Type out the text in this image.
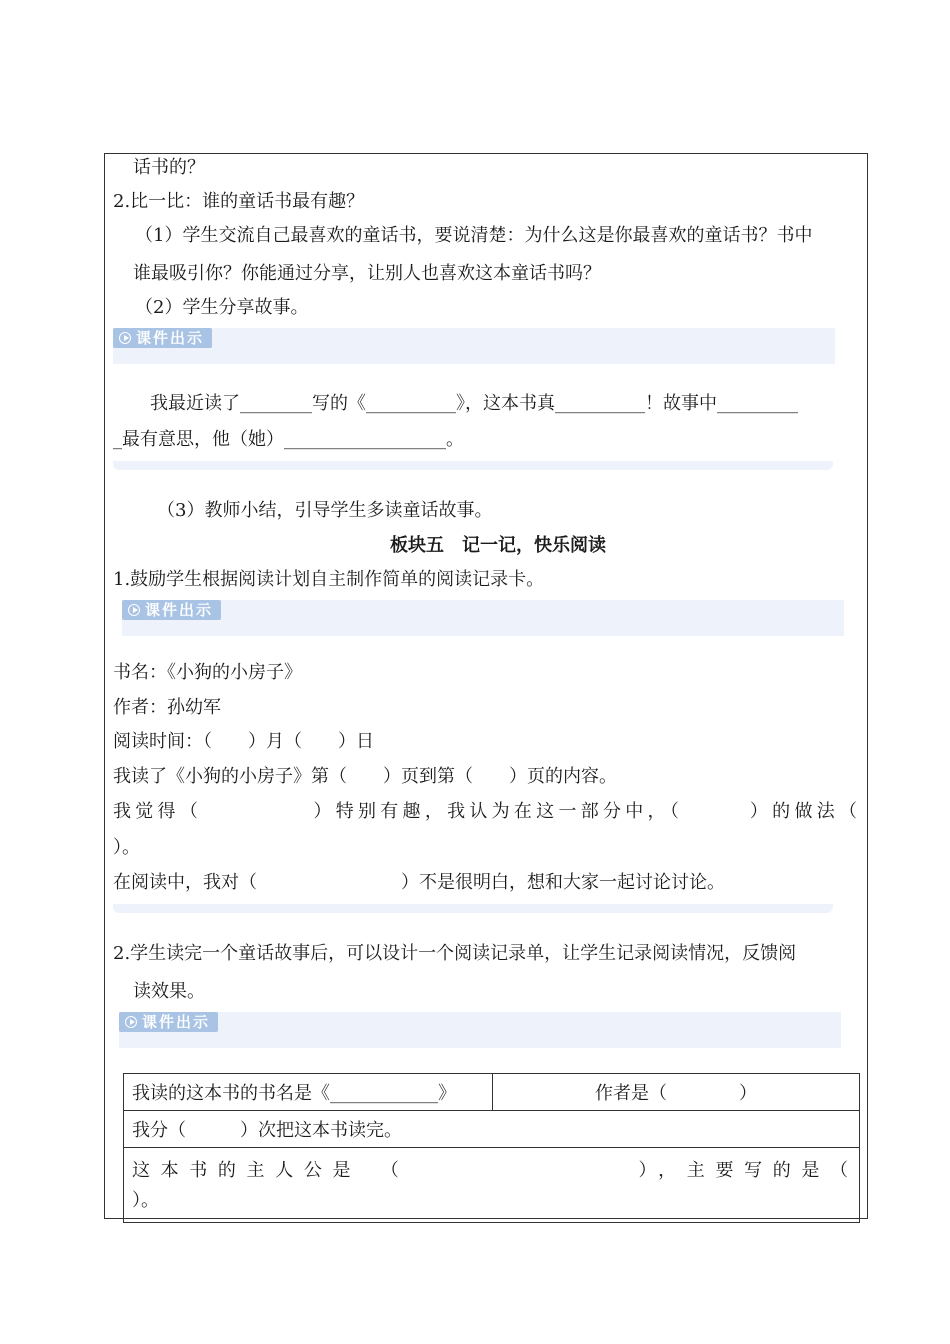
话书的？
2.比一比：谁的童话书最有趣？
（1）学生交流自己最喜欢的童话书，要说清楚：为什么这是你最喜欢的童话书？书中
谁最吸引你？你能通过分享，让别人也喜欢这本童话书吗？
（2）学生分享故事。
课件出示
我最近读了________写的《__________》，这本书真__________！故事中_________
_最有意思，他（她）__________________。
（3）教师小结，引导学生多读童话故事。
板块五　记一记，快乐阅读
1.鼓励学生根据阅读计划自主制作简单的阅读记录卡。
课件出示
书名：《小狗的小房子》
作者：孙幼军
阅读时间：（　　）月（　　）日
我读了《小狗的小房子》第（　　）页到第（　　）页的内容。
我觉得（　　　　　）特别有趣，我认为在这一部分中，（　　　）的做法（
）。
在阅读中，我对（　　　　　　　　）不是很明白，想和大家一起讨论讨论。
2.学生读完一个童话故事后，可以设计一个阅读记录单，让学生记录阅读情况，反馈阅
读效果。
课件出示
我读的这本书的书名是《____________》	作者是（　　　　）
我分（　　　）次把这本书读完。

这本书的主人公是　（　　　　　　　　），主要写的是（
）。
